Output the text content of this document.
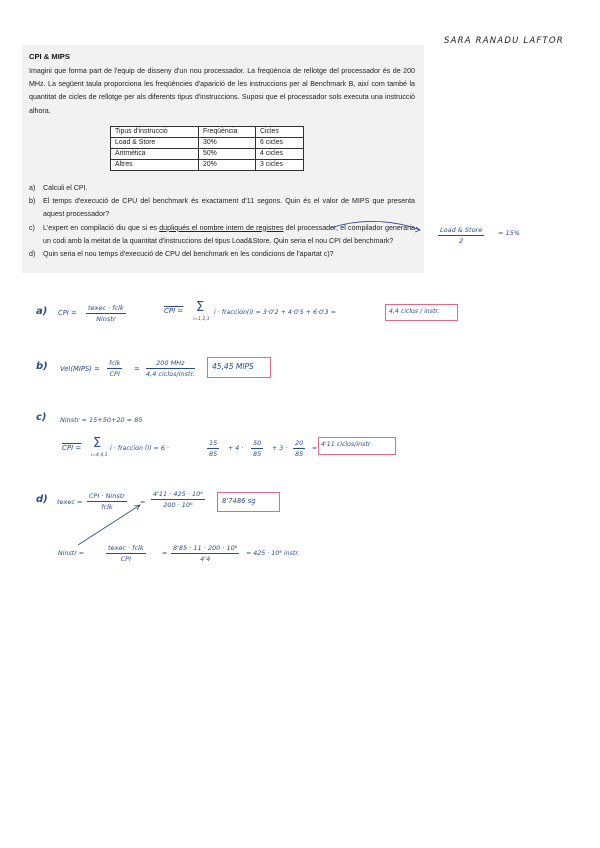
SARA RANADU LAFTOR
CPI & MIPS
Imagini que forma part de l'equip de disseny d'un nou processador. La freqüència de rellotge del processador és de 200 MHz. La següent taula proporciona les freqüències d'aparició de les instruccions per al Benchmark B, així com també la quantitat de cicles de rellotge per als diferents tipus d'instruccions. Suposi que el processador sols executa una instrucció alhora.
Tipus d'instrucció	Freqüència	Cicles
Load & Store	30%	6 cicles
Aritmètica	50%	4 cicles
Altres	20%	3 cicles
a)	Calculi el CPI.
b)	El temps d'execució de CPU del benchmark és exactament d'11 segons. Quin és el valor de MIPS que presenta aquest processador?
c)	L'expert en compilació diu que si es dupliqués el nombre intern de registres del processador, el compilador generaria un codi amb la meitat de la quantitat d'instruccions del tipus Load&Store. Quin seria el nou CPI del benchmark?
d)	Quin seria el nou temps d'execució de CPU del benchmark en les condicions de l'apartat c)?
Load & Store
2
= 15%
a) CPI =
texec · fclk
Ninstr
CPI = Σ
i=1,2,3
i · fracción(i) = 3·0'2 + 4·0'5 + 6·0'3 =	4,4 ciclos / instr.
b) Vel(MIPS) =
fclk
CPI
=
200 MHz
4,4 ciclos/instr.
45,45 MIPS
c) Ninstr = 15+50+20 = 85
CPI = Σ
i=4,4,3
i · fracción (i) = 6 ·	$\frac{15}{85} + 4 \cdot \frac{50}{85} + 3 \cdot \frac{20}{85}$ =
4'11 ciclos/instr
d) texec =
CPI · Ninstr
fclk
= $\frac{\text{4'11 · 425 · 10⁶}}{\text{200 · 10⁶}}$	8'7486 sg
Ninstr =
texec · fclk
CPI
= $\frac{\text{8'85 · 11 · 200 · 10⁶}}{4'4} = 425 \cdot 10^6$ instr.
